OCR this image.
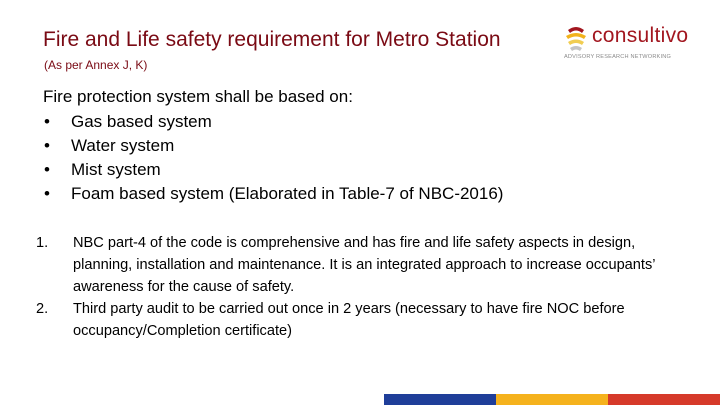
Fire and Life safety requirement for Metro Station
(As per Annex J, K)
consultivo
ADVISORY RESEARCH NETWORKING
Fire protection system shall be based on:
• Gas based system
• Water system
• Mist system
• Foam based system (Elaborated in Table-7 of NBC-2016)
1. NBC part-4 of the code is comprehensive and has fire and life safety aspects in design, planning, installation and maintenance. It is an integrated approach to increase occupants’ awareness for the cause of safety.
2. Third party audit to be carried out once in 2 years (necessary to have fire NOC before occupancy/Completion certificate)
